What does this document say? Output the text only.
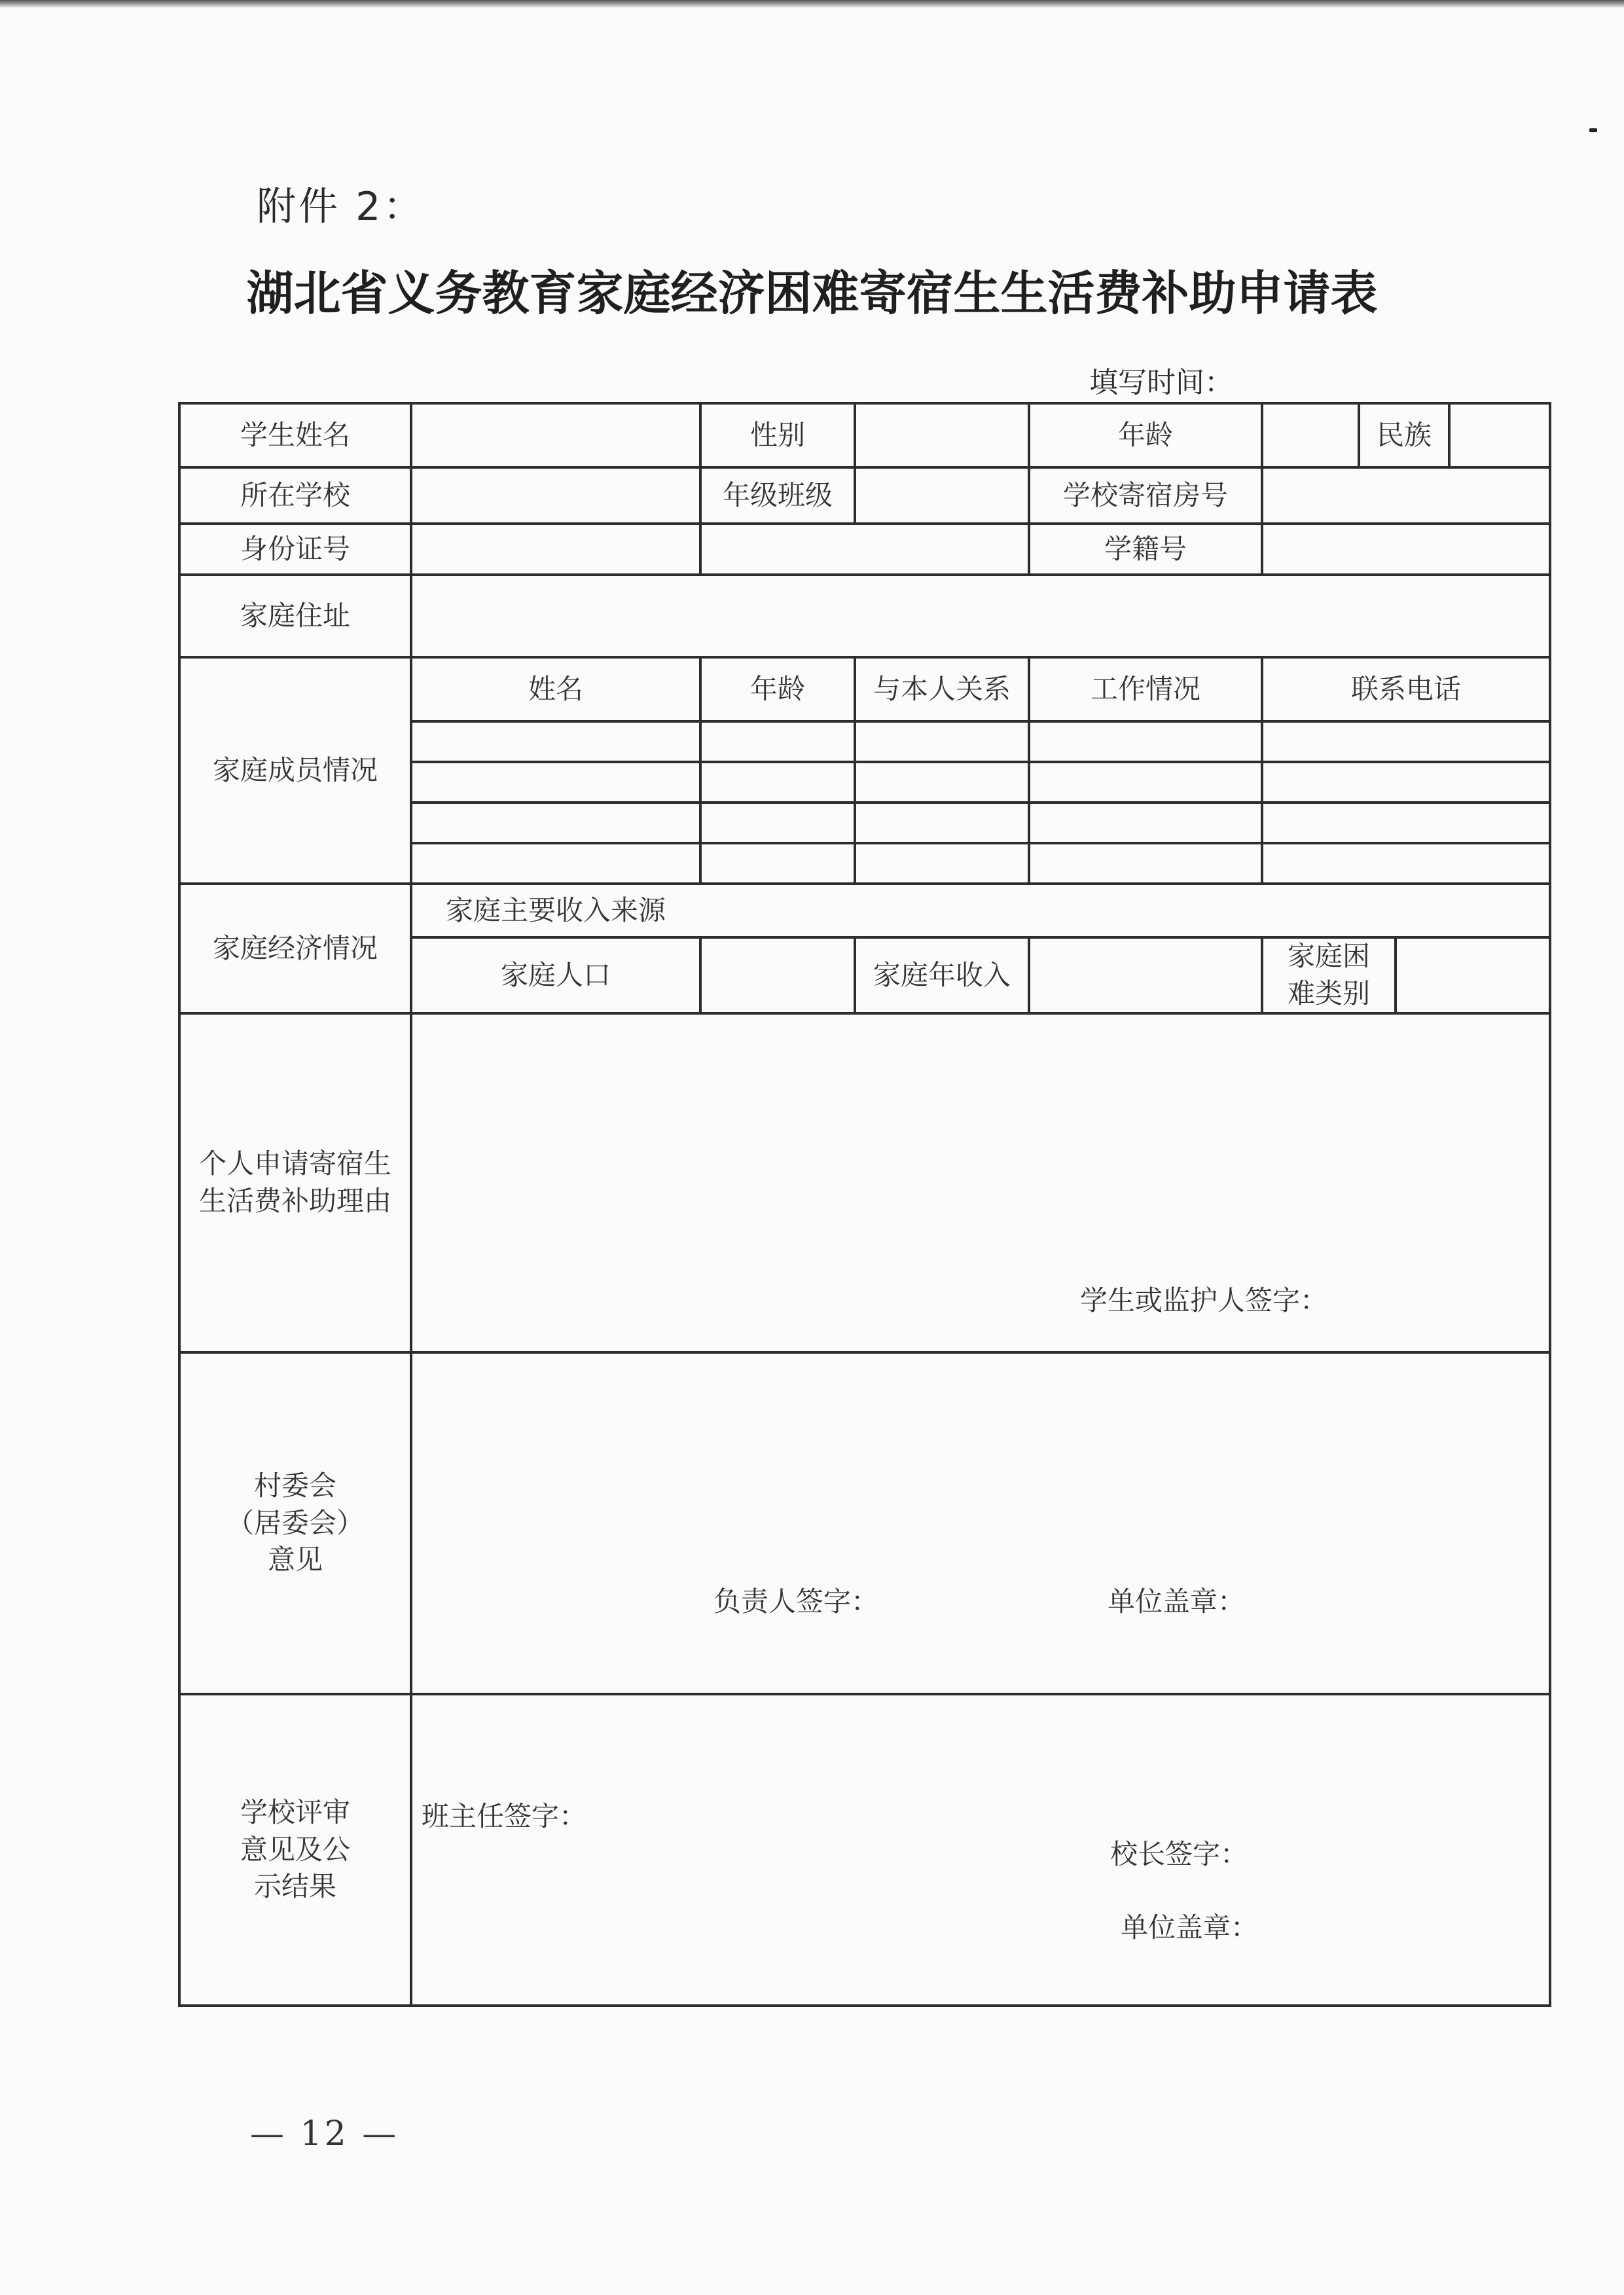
附件 2：
湖北省义务教育家庭经济困难寄宿生生活费补助申请表
填写时间：
学生姓名	性别	年龄	民族
所在学校	年级班级	学校寄宿房号
身份证号	学籍号
家庭住址
家庭成员情况
姓名	年龄	与本人关系	工作情况	联系电话
家庭经济情况
家庭主要收入来源
家庭人口	家庭年收入
家庭困难类别
个人申请寄宿生生活费补助理由
学生或监护人签字：
村委会
（居委会）
意见
负责人签字：	单位盖章：
学校评审意见及公示结果
班主任签字：
校长签字：
单位盖章：
— 12 —
